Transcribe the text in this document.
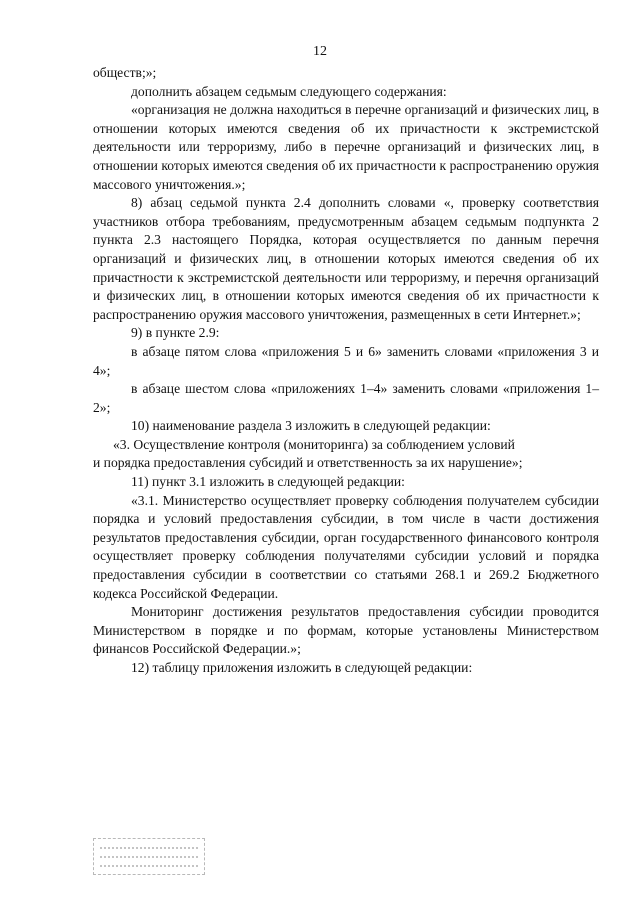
12

обществ;»;

дополнить абзацем седьмым следующего содержания:

«организация не должна находиться в перечне организаций и физических лиц, в отношении которых имеются сведения об их причастности к экстремистской деятельности или терроризму, либо в перечне организаций и физических лиц, в отношении которых имеются сведения об их причастности к распространению оружия массового уничтожения.»;

8) абзац седьмой пункта 2.4 дополнить словами «, проверку соответствия участников отбора требованиям, предусмотренным абзацем седьмым подпункта 2 пункта 2.3 настоящего Порядка, которая осуществляется по данным перечня организаций и физических лиц, в отношении которых имеются сведения об их причастности к экстремистской деятельности или терроризму, и перечня организаций и физических лиц, в отношении которых имеются сведения об их причастности к распространению оружия массового уничтожения, размещенных в сети Интернет.»;

9) в пункте 2.9:

в абзаце пятом слова «приложения 5 и 6» заменить словами «приложения 3 и 4»;

в абзаце шестом слова «приложениях 1–4» заменить словами «приложения 1–2»;

10) наименование раздела 3 изложить в следующей редакции:

«3. Осуществление контроля (мониторинга) за соблюдением условий

и порядка предоставления субсидий и ответственность за их нарушение»;

11) пункт 3.1 изложить в следующей редакции:

«3.1. Министерство осуществляет проверку соблюдения получателем субсидии порядка и условий предоставления субсидии, в том числе в части достижения результатов предоставления субсидии, орган государственного финансового контроля осуществляет проверку соблюдения получателями субсидии условий и порядка предоставления субсидии в соответствии со статьями 268.1 и 269.2 Бюджетного кодекса Российской Федерации.

Мониторинг достижения результатов предоставления субсидии проводится Министерством в порядке и по формам, которые установлены Министерством финансов Российской Федерации.»;

12) таблицу приложения изложить в следующей редакции:
